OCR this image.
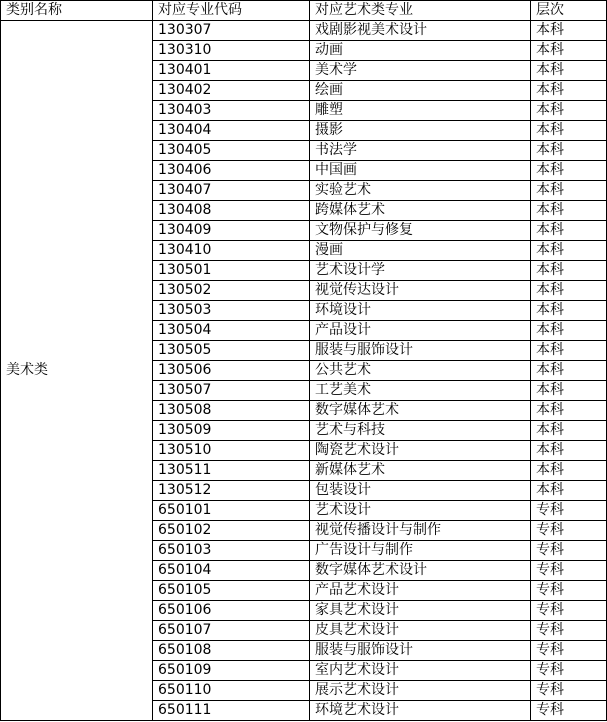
类别名称	对应专业代码	对应艺术类专业	层次
美术类	130307	戏剧影视美术设计	本科
	130310	动画	本科
	130401	美术学	本科
	130402	绘画	本科
	130403	雕塑	本科
	130404	摄影	本科
	130405	书法学	本科
	130406	中国画	本科
	130407	实验艺术	本科
	130408	跨媒体艺术	本科
	130409	文物保护与修复	本科
	130410	漫画	本科
	130501	艺术设计学	本科
	130502	视觉传达设计	本科
	130503	环境设计	本科
	130504	产品设计	本科
	130505	服装与服饰设计	本科
	130506	公共艺术	本科
	130507	工艺美术	本科
	130508	数字媒体艺术	本科
	130509	艺术与科技	本科
	130510	陶瓷艺术设计	本科
	130511	新媒体艺术	本科
	130512	包装设计	本科
	650101	艺术设计	专科
	650102	视觉传播设计与制作	专科
	650103	广告设计与制作	专科
	650104	数字媒体艺术设计	专科
	650105	产品艺术设计	专科
	650106	家具艺术设计	专科
	650107	皮具艺术设计	专科
	650108	服装与服饰设计	专科
	650109	室内艺术设计	专科
	650110	展示艺术设计	专科
	650111	环境艺术设计	专科
